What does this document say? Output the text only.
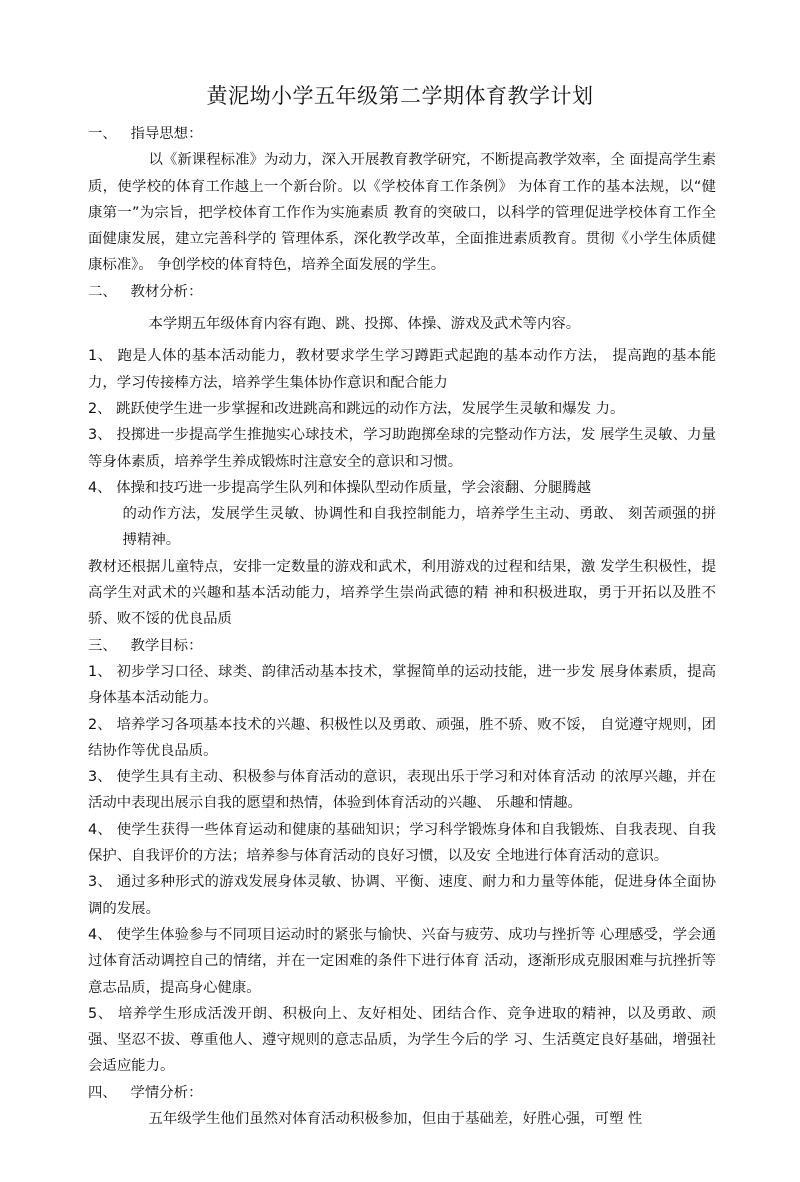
黄泥坳小学五年级第二学期体育教学计划

一、   指导思想：

以《新课程标准》为动力，深入开展教育教学研究，不断提高教学效率，全 面提高学生素质，使学校的体育工作越上一个新台阶。以《学校体育工作条例》 为体育工作的基本法规，以“健康第一”为宗旨，把学校体育工作作为实施素质 教育的突破口，以科学的管理促进学校体育工作全面健康发展，建立完善科学的 管理体系，深化教学改革，全面推进素质教育。贯彻《小学生体质健康标准》。 争创学校的体育特色，培养全面发展的学生。

二、   教材分析：

本学期五年级体育内容有跑、跳、投掷、体操、游戏及武术等内容。

1、 跑是人体的基本活动能力，教材要求学生学习蹲距式起跑的基本动作方法， 提高跑的基本能力，学习传接棒方法，培养学生集体协作意识和配合能力

2、 跳跃使学生进一步掌握和改进跳高和跳远的动作方法，发展学生灵敏和爆发 力。

3、 投掷进一步提高学生推抛实心球技术，学习助跑掷垒球的完整动作方法，发 展学生灵敏、力量等身体素质，培养学生养成锻炼时注意安全的意识和习惯。

4、 体操和技巧进一步提高学生队列和体操队型动作质量，学会滚翻、分腿腾越

的动作方法，发展学生灵敏、协调性和自我控制能力，培养学生主动、勇敢、 刻苦顽强的拼搏精神。

教材还根据儿童特点，安排一定数量的游戏和武术，利用游戏的过程和结果，激 发学生积极性，提高学生对武术的兴趣和基本活动能力，培养学生崇尚武德的精 神和积极进取，勇于开拓以及胜不骄、败不馁的优良品质

三、   教学目标：

1、 初步学习口径、球类、韵律活动基本技术，掌握简单的运动技能，进一步发 展身体素质，提高身体基本活动能力。

2、 培养学习各项基本技术的兴趣、积极性以及勇敢、顽强，胜不骄、败不馁， 自觉遵守规则，团结协作等优良品质。

3、 使学生具有主动、积极参与体育活动的意识，表现出乐于学习和对体育活动 的浓厚兴趣，并在活动中表现出展示自我的愿望和热情，体验到体育活动的兴趣、 乐趣和情趣。

4、 使学生获得一些体育运动和健康的基础知识；学习科学锻炼身体和自我锻炼、自我表现、自我保护、自我评价的方法；培养参与体育活动的良好习惯，以及安 全地进行体育活动的意识。

3、 通过多种形式的游戏发展身体灵敏、协调、平衡、速度、耐力和力量等体能，促进身体全面协调的发展。

4、 使学生体验参与不同项目运动时的紧张与愉快、兴奋与疲劳、成功与挫折等 心理感受，学会通过体育活动调控自己的情绪，并在一定困难的条件下进行体育 活动，逐渐形成克服困难与抗挫折等意志品质，提高身心健康。

5、 培养学生形成活泼开朗、积极向上、友好相处、团结合作、竞争进取的精神，以及勇敢、顽强、坚忍不拔、尊重他人、遵守规则的意志品质，为学生今后的学 习、生活奠定良好基础，增强社会适应能力。

四、   学情分析：

五年级学生他们虽然对体育活动积极参加，但由于基础差，好胜心强，可塑 性
